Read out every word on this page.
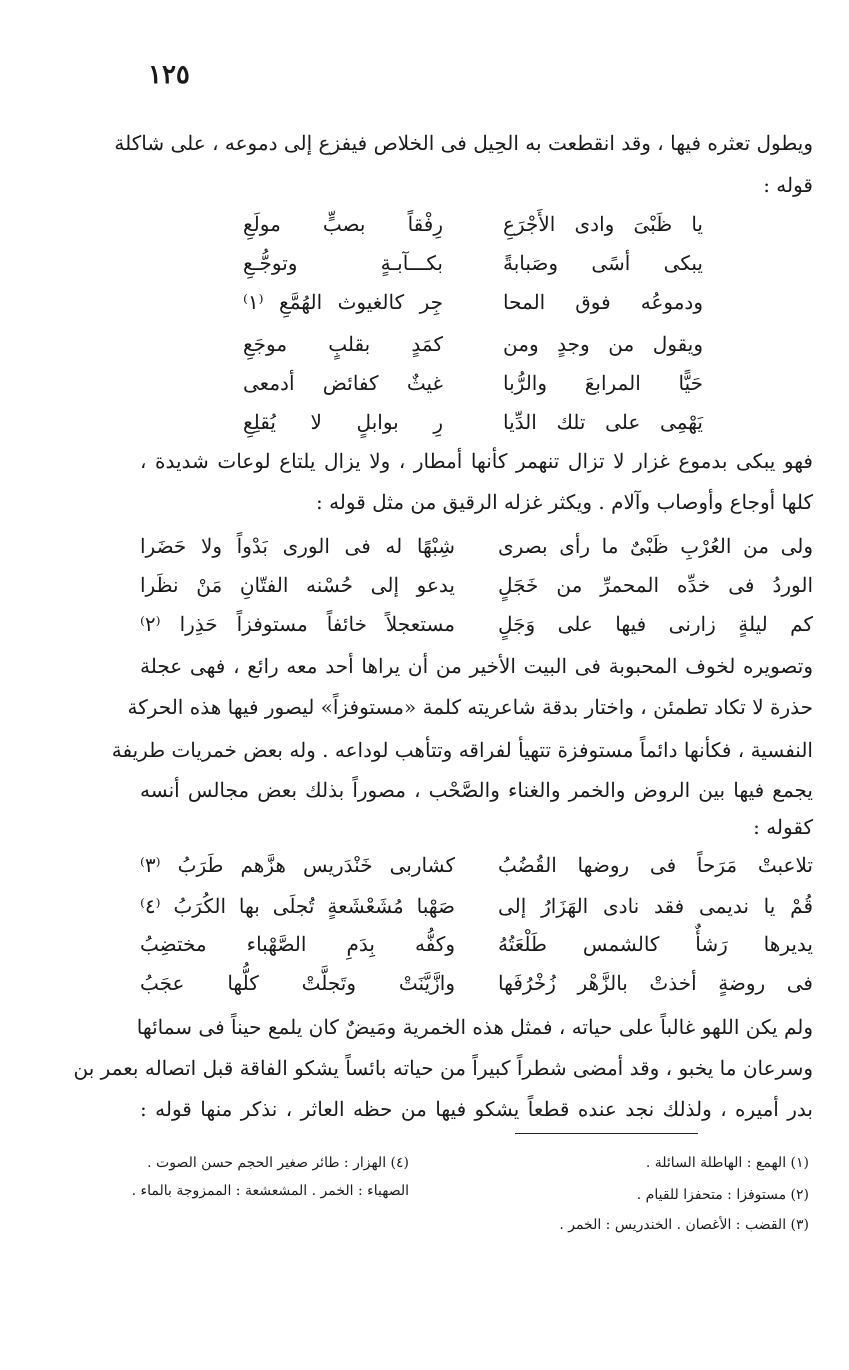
١٢٥
ويطول تعثره فيها ، وقد انقطعت به الحِيل فى الخلاص فيفزع إلى دموعه ، على شاكلة
قوله :
يا ظَبْىَ وادى الأَجْرَعِ
رِفْقاً بصبٍّ مولَعِ
يبكى أسًى وصَبابةً
بكـــآبـةٍ وتوجُّـعِ
ودموعُه فوق المحا
جِر كالغيوث الهُمَّعِ ⁽١⁾
ويقول من وجدٍ ومن
كمَدٍ بقلبٍ موجَعِ
حَيًّا المرابعَ والرُّبا
غيثٌ كفائض أدمعى
يَهْمِى على تلك الدِّيا
رِ بوابلٍ لا يُقلِعِ
فهو يبكى بدموع غزار لا تزال تنهمر كأنها أمطار ، ولا يزال يلتاع لوعات شديدة ،
كلها أوجاع وأوصاب وآلام . ويكثر غزله الرقيق من مثل قوله :
ولى من العُرْبِ ظَبْىٌ ما رأى بصرى
شِبْهًا له فى الورى بَدْواً ولا حَضَرا
الوردُ فى خدِّه المحمرِّ من خَجَلٍ
يدعو إلى حُسْنه الفتّانِ مَنْ نظَرا
كم ليلةٍ زارنى فيها على وَجَلٍ
مستعجلاً خائفاً مستوفزاً حَذِرا ⁽٢⁾
وتصويره لخوف المحبوبة فى البيت الأخير من أن يراها أحد معه رائع ، فهى عجلة
حذرة لا تكاد تطمئن ، واختار بدقة شاعريته كلمة «مستوفزاً» ليصور فيها هذه الحركة
النفسية ، فكأنها دائماً مستوفزة تتهيأ لفراقه وتتأهب لوداعه . وله بعض خمريات طريفة
يجمع فيها بين الروض والخمر والغناء والصَّحْب ، مصوراً بذلك بعض مجالس أنسه
كقوله :
تلاعبتْ مَرَحاً فى روضها القُضُبُ
كشاربى خَنْدَريس هزَّهم طَرَبُ ⁽٣⁾
قُمْ يا نديمى فقد نادى الهَزَارُ إلى
صَهْبا مُشَعْشَعةٍ تُجلَى بها الكُرَبُ ⁽٤⁾
يديرها رَشأٌ كالشمس طَلْعَتُهُ
وكفُّه بِدَمِ الصَّهْباء مختضِبُ
فى روضةٍ أخذتْ بالزَّهْر زُخْرُفَها
وازَّيَّنَتْ وتَجلَّتْ كلُّها عجَبُ
ولم يكن اللهو غالباً على حياته ، فمثل هذه الخمرية ومَيضٌ كان يلمع حيناً فى سمائها
وسرعان ما يخبو ، وقد أمضى شطراً كبيراً من حياته بائساً يشكو الفاقة قبل اتصاله بعمر بن
بدر أميره ، ولذلك نجد عنده قطعاً يشكو فيها من حظه العاثر ، نذكر منها قوله :
(١) الهمع : الهاطلة السائلة .
(٢) مستوفزا : متحفزا للقيام .
(٣) القضب : الأغصان . الخندريس : الخمر .
(٤) الهزار : طائر صغير الحجم حسن الصوت .
الصهباء : الخمر . المشعشعة : الممزوجة بالماء .
